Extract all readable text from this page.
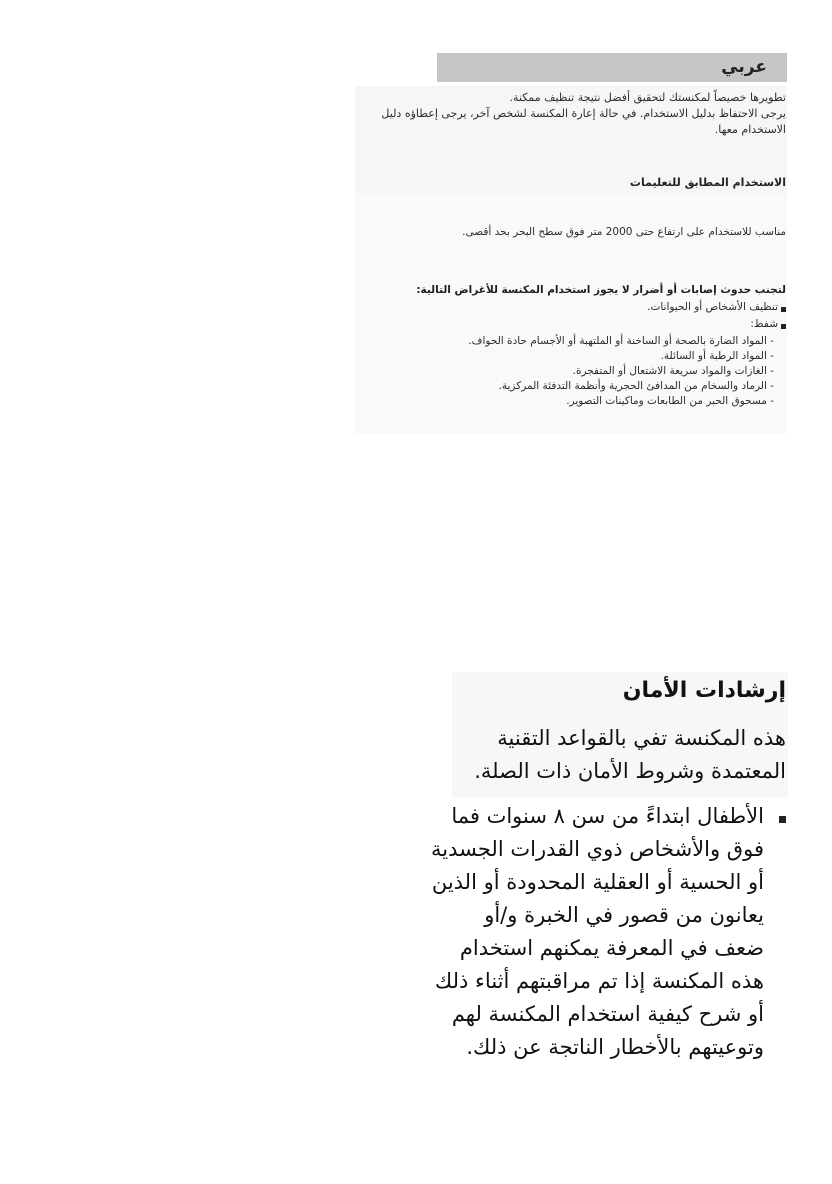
عربي

تطويرها خصيصاً لمكنستك لتحقيق أفضل نتيجة تنظيف ممكنة.

يرجى الاحتفاظ بدليل الاستخدام. في حالة إعارة المكنسة لشخص آخر، يرجى إعطاؤه دليل الاستخدام معها.

الاستخدام المطابق للتعليمات
مناسب للاستخدام على ارتفاع حتى 2000 متر فوق سطح البحر بحد أقصى.
لتجنب حدوث إصابات أو أضرار لا يجوز استخدام المكنسة للأغراض التالية:
تنظيف الأشخاص أو الحيوانات.
شفط:
- المواد الضارة بالصحة أو الساخنة أو الملتهبة أو الأجسام حادة الحواف.
- المواد الرطبة أو السائلة.
- الغازات والمواد سريعة الاشتعال أو المتفجرة.
- الرماد والسخام من المدافئ الحجرية وأنظمة التدفئة المركزية.
- مسحوق الحبر من الطابعات وماكينات التصوير.
إرشادات الأمان
هذه المكنسة تفي بالقواعد التقنية المعتمدة وشروط الأمان ذات الصلة.
الأطفال ابتداءً من سن ٨ سنوات فما فوق والأشخاص ذوي القدرات الجسدية أو الحسية أو العقلية المحدودة أو الذين يعانون من قصور في الخبرة و/أو ضعف في المعرفة يمكنهم استخدام هذه المكنسة إذا تم مراقبتهم أثناء ذلك أو شرح كيفية استخدام المكنسة لهم وتوعيتهم بالأخطار الناتجة عن ذلك.
